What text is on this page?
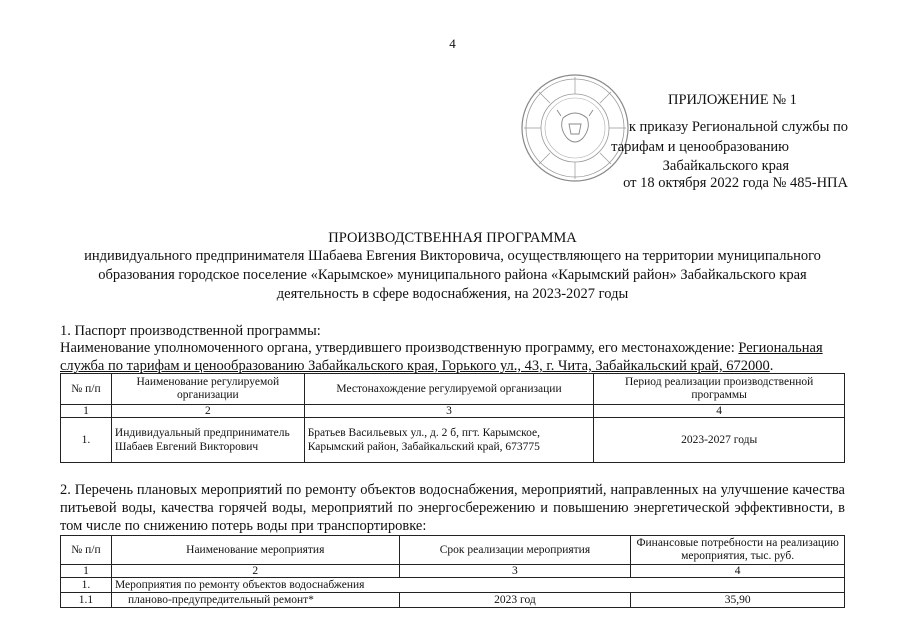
4
ПРИЛОЖЕНИЕ № 1
к приказу Региональной службы по
тарифам и ценообразованию
Забайкальского края
от 18 октября 2022 года № 485-НПА
ПРОИЗВОДСТВЕННАЯ ПРОГРАММА
индивидуального предпринимателя Шабаева Евгения Викторовича, осуществляющего на территории муниципального
образования городское поселение «Карымское» муниципального района «Карымский район» Забайкальского края
деятельность в сфере водоснабжения, на 2023-2027 годы
1. Паспорт производственной программы:
Наименование уполномоченного органа, утвердившего производственную программу, его местонахождение: Региональная
служба по тарифам и ценообразованию Забайкальского края, Горького ул., 43, г. Чита, Забайкальский край, 672000.
№ п/п	Наименование регулируемой организации	Местонахождение регулируемой организации	Период реализации производственной программы
1	2	3	4
1.	Индивидуальный предприниматель Шабаев Евгений Викторович	Братьев Васильевых ул., д. 2 б, пгт. Карымское, Карымский район, Забайкальский край, 673775	2023-2027 годы
2. Перечень плановых мероприятий по ремонту объектов водоснабжения, мероприятий, направленных на улучшение качества питьевой воды, качества горячей воды, мероприятий по энергосбережению и повышению энергетической эффективности, в том числе по снижению потерь воды при транспортировке:
№ п/п	Наименование мероприятия	Срок реализации мероприятия	Финансовые потребности на реализацию мероприятия, тыс. руб.
1	2	3	4
1.	Мероприятия по ремонту объектов водоснабжения		
1.1	планово-предупредительный ремонт*	2023 год	35,90
